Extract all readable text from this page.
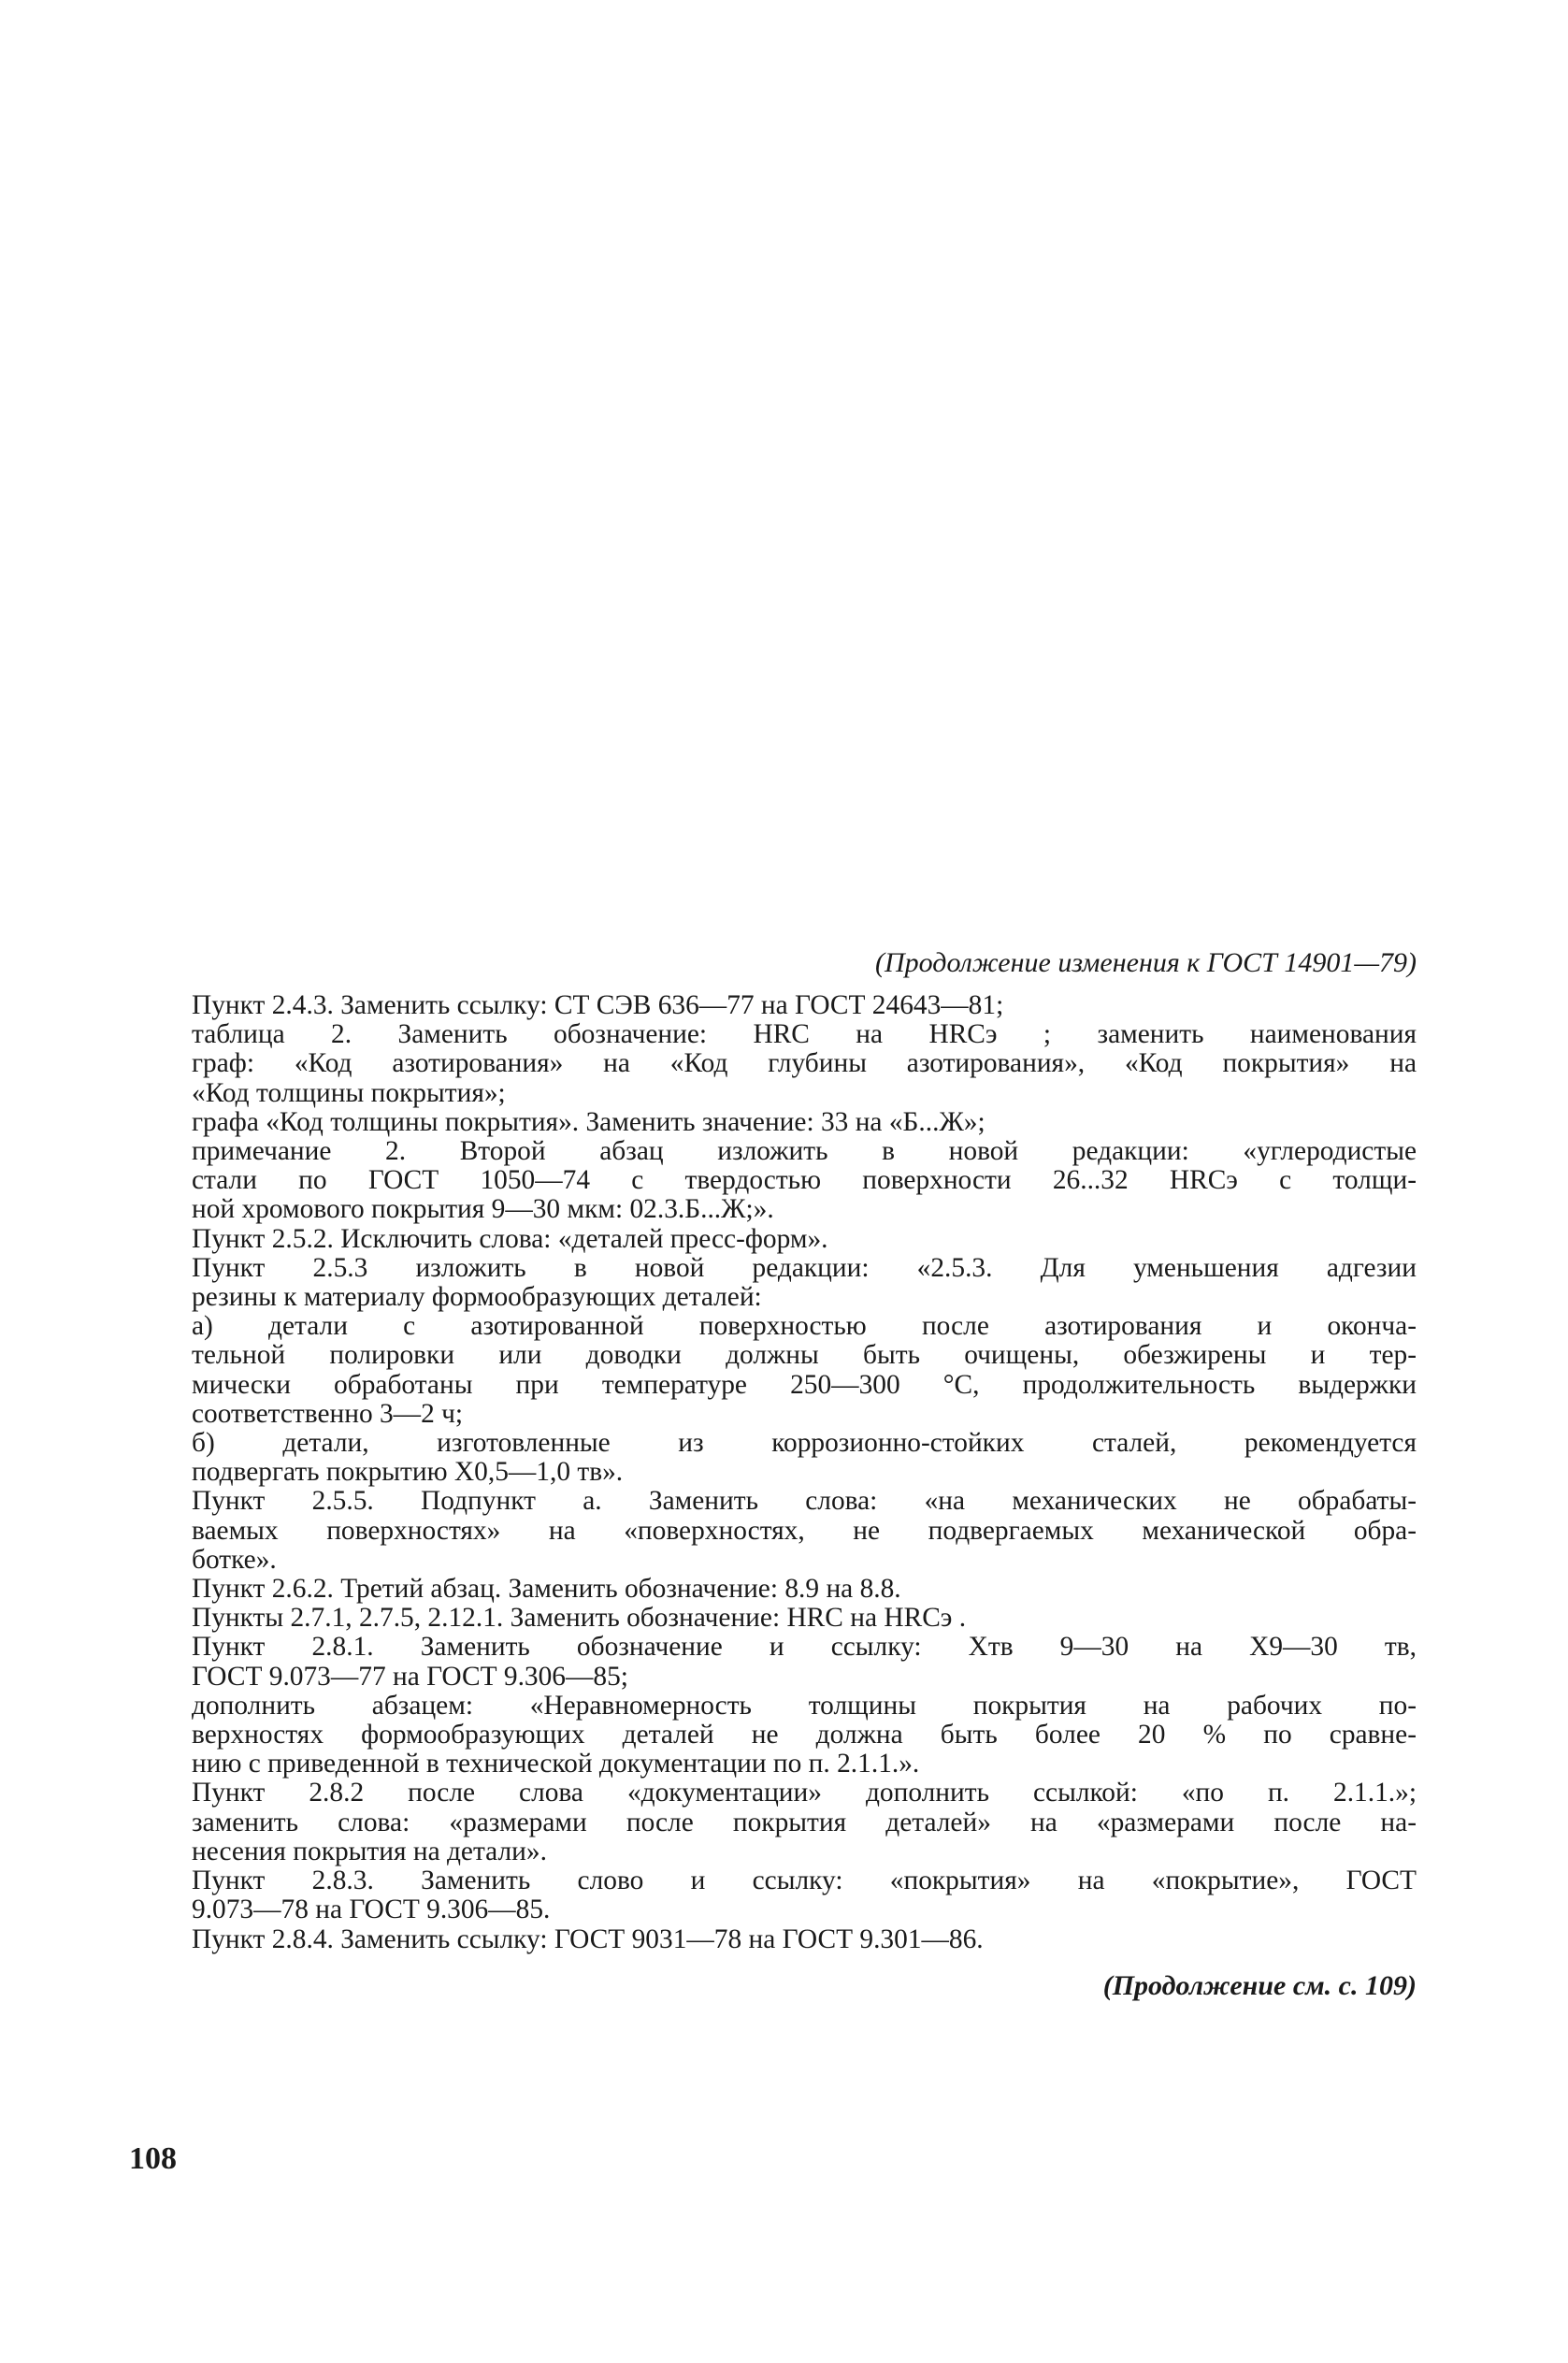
(Продолжение изменения к ГОСТ 14901—79)
Пункт 2.4.3. Заменить ссылку: СТ СЭВ 636—77 на ГОСТ 24643—81;
таблица 2. Заменить обозначение: HRC на HRCэ ; заменить наименования
граф: «Код азотирования» на «Код глубины азотирования», «Код покрытия» на
«Код толщины покрытия»;
графа «Код толщины покрытия». Заменить значение: 33 на «Б...Ж»;
примечание 2. Второй абзац изложить в новой редакции: «углеродистые
стали по ГОСТ 1050—74 с твердостью поверхности 26...32 HRCэ с толщи-
ной хромового покрытия 9—30 мкм: 02.3.Б...Ж;».
Пункт 2.5.2. Исключить слова: «деталей пресс-форм».
Пункт 2.5.3 изложить в новой редакции: «2.5.3. Для уменьшения адгезии
резины к материалу формообразующих деталей:
а) детали с азотированной поверхностью после азотирования и оконча-
тельной полировки или доводки должны быть очищены, обезжирены и тер-
мически обработаны при температуре 250—300 °С, продолжительность выдержки
соответственно 3—2 ч;
б) детали, изготовленные из коррозионно-стойких сталей, рекомендуется
подвергать покрытию Х0,5—1,0 тв».
Пункт 2.5.5. Подпункт а. Заменить слова: «на механических не обрабаты-
ваемых поверхностях» на «поверхностях, не подвергаемых механической обра-
ботке».
Пункт 2.6.2. Третий абзац. Заменить обозначение: 8.9 на 8.8.
Пункты 2.7.1, 2.7.5, 2.12.1. Заменить обозначение: HRC на HRCэ .
Пункт 2.8.1. Заменить обозначение и ссылку: Хтв 9—30 на Х9—30 тв,
ГОСТ 9.073—77 на ГОСТ 9.306—85;
дополнить абзацем: «Неравномерность толщины покрытия на рабочих по-
верхностях формообразующих деталей не должна быть более 20 % по сравне-
нию с приведенной в технической документации по п. 2.1.1.».
Пункт 2.8.2 после слова «документации» дополнить ссылкой: «по п. 2.1.1.»;
заменить слова: «размерами после покрытия деталей» на «размерами после на-
несения покрытия на детали».
Пункт 2.8.3. Заменить слово и ссылку: «покрытия» на «покрытие», ГОСТ
9.073—78 на ГОСТ 9.306—85.
Пункт 2.8.4. Заменить ссылку: ГОСТ 9031—78 на ГОСТ 9.301—86.
(Продолжение см. с. 109)
108
